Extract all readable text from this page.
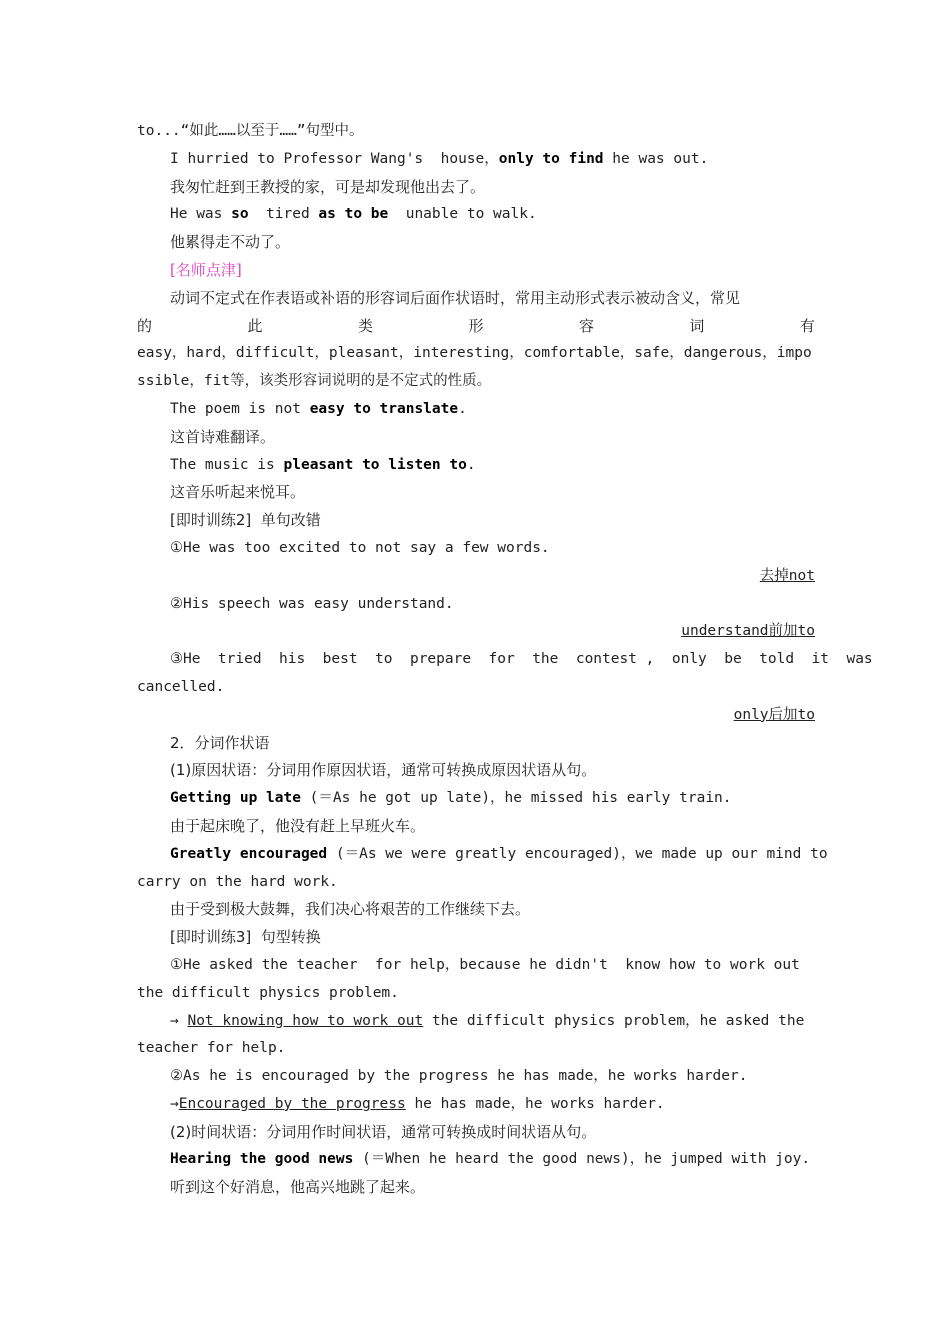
to...“如此……以至于……”句型中。
I hurried to Professor Wang's  house，only to find he was out.
我匆忙赶到王教授的家，可是却发现他出去了。
He was so  tired as to be  unable to walk.
他累得走不动了。
[名师点津]
动词不定式在作表语或补语的形容词后面作状语时，常用主动形式表示被动含义，常见
的	此	类	形	容	词	有
easy，hard，difficult，pleasant，interesting，comfortable，safe，dangerous，impo
ssible，fit等，该类形容词说明的是不定式的性质。
The poem is not easy to translate.
这首诗难翻译。
The music is pleasant to listen to.
这音乐听起来悦耳。
[即时训练2]  单句改错
①He was too excited to not say a few words.
去掉not
②His speech was easy understand.
understand前加to
③He  tried  his  best  to  prepare  for  the  contest ,  only  be  told  it  was
cancelled.
only后加to
2．分词作状语
(1)原因状语：分词用作原因状语，通常可转换成原因状语从句。
Getting up late (＝As he got up late)，he missed his early train.
由于起床晚了，他没有赶上早班火车。
Greatly encouraged (＝As we were greatly encouraged)，we made up our mind to
carry on the hard work.
由于受到极大鼓舞，我们决心将艰苦的工作继续下去。
[即时训练3]  句型转换
①He asked the teacher  for help，because he didn't  know how to work out
the difficult physics problem.
→ Not knowing how to work out the difficult physics problem，he asked the
teacher for help.
②As he is encouraged by the progress he has made，he works harder.
→Encouraged by the progress he has made，he works harder.
(2)时间状语：分词用作时间状语，通常可转换成时间状语从句。
Hearing the good news (＝When he heard the good news)，he jumped with joy.
听到这个好消息，他高兴地跳了起来。
